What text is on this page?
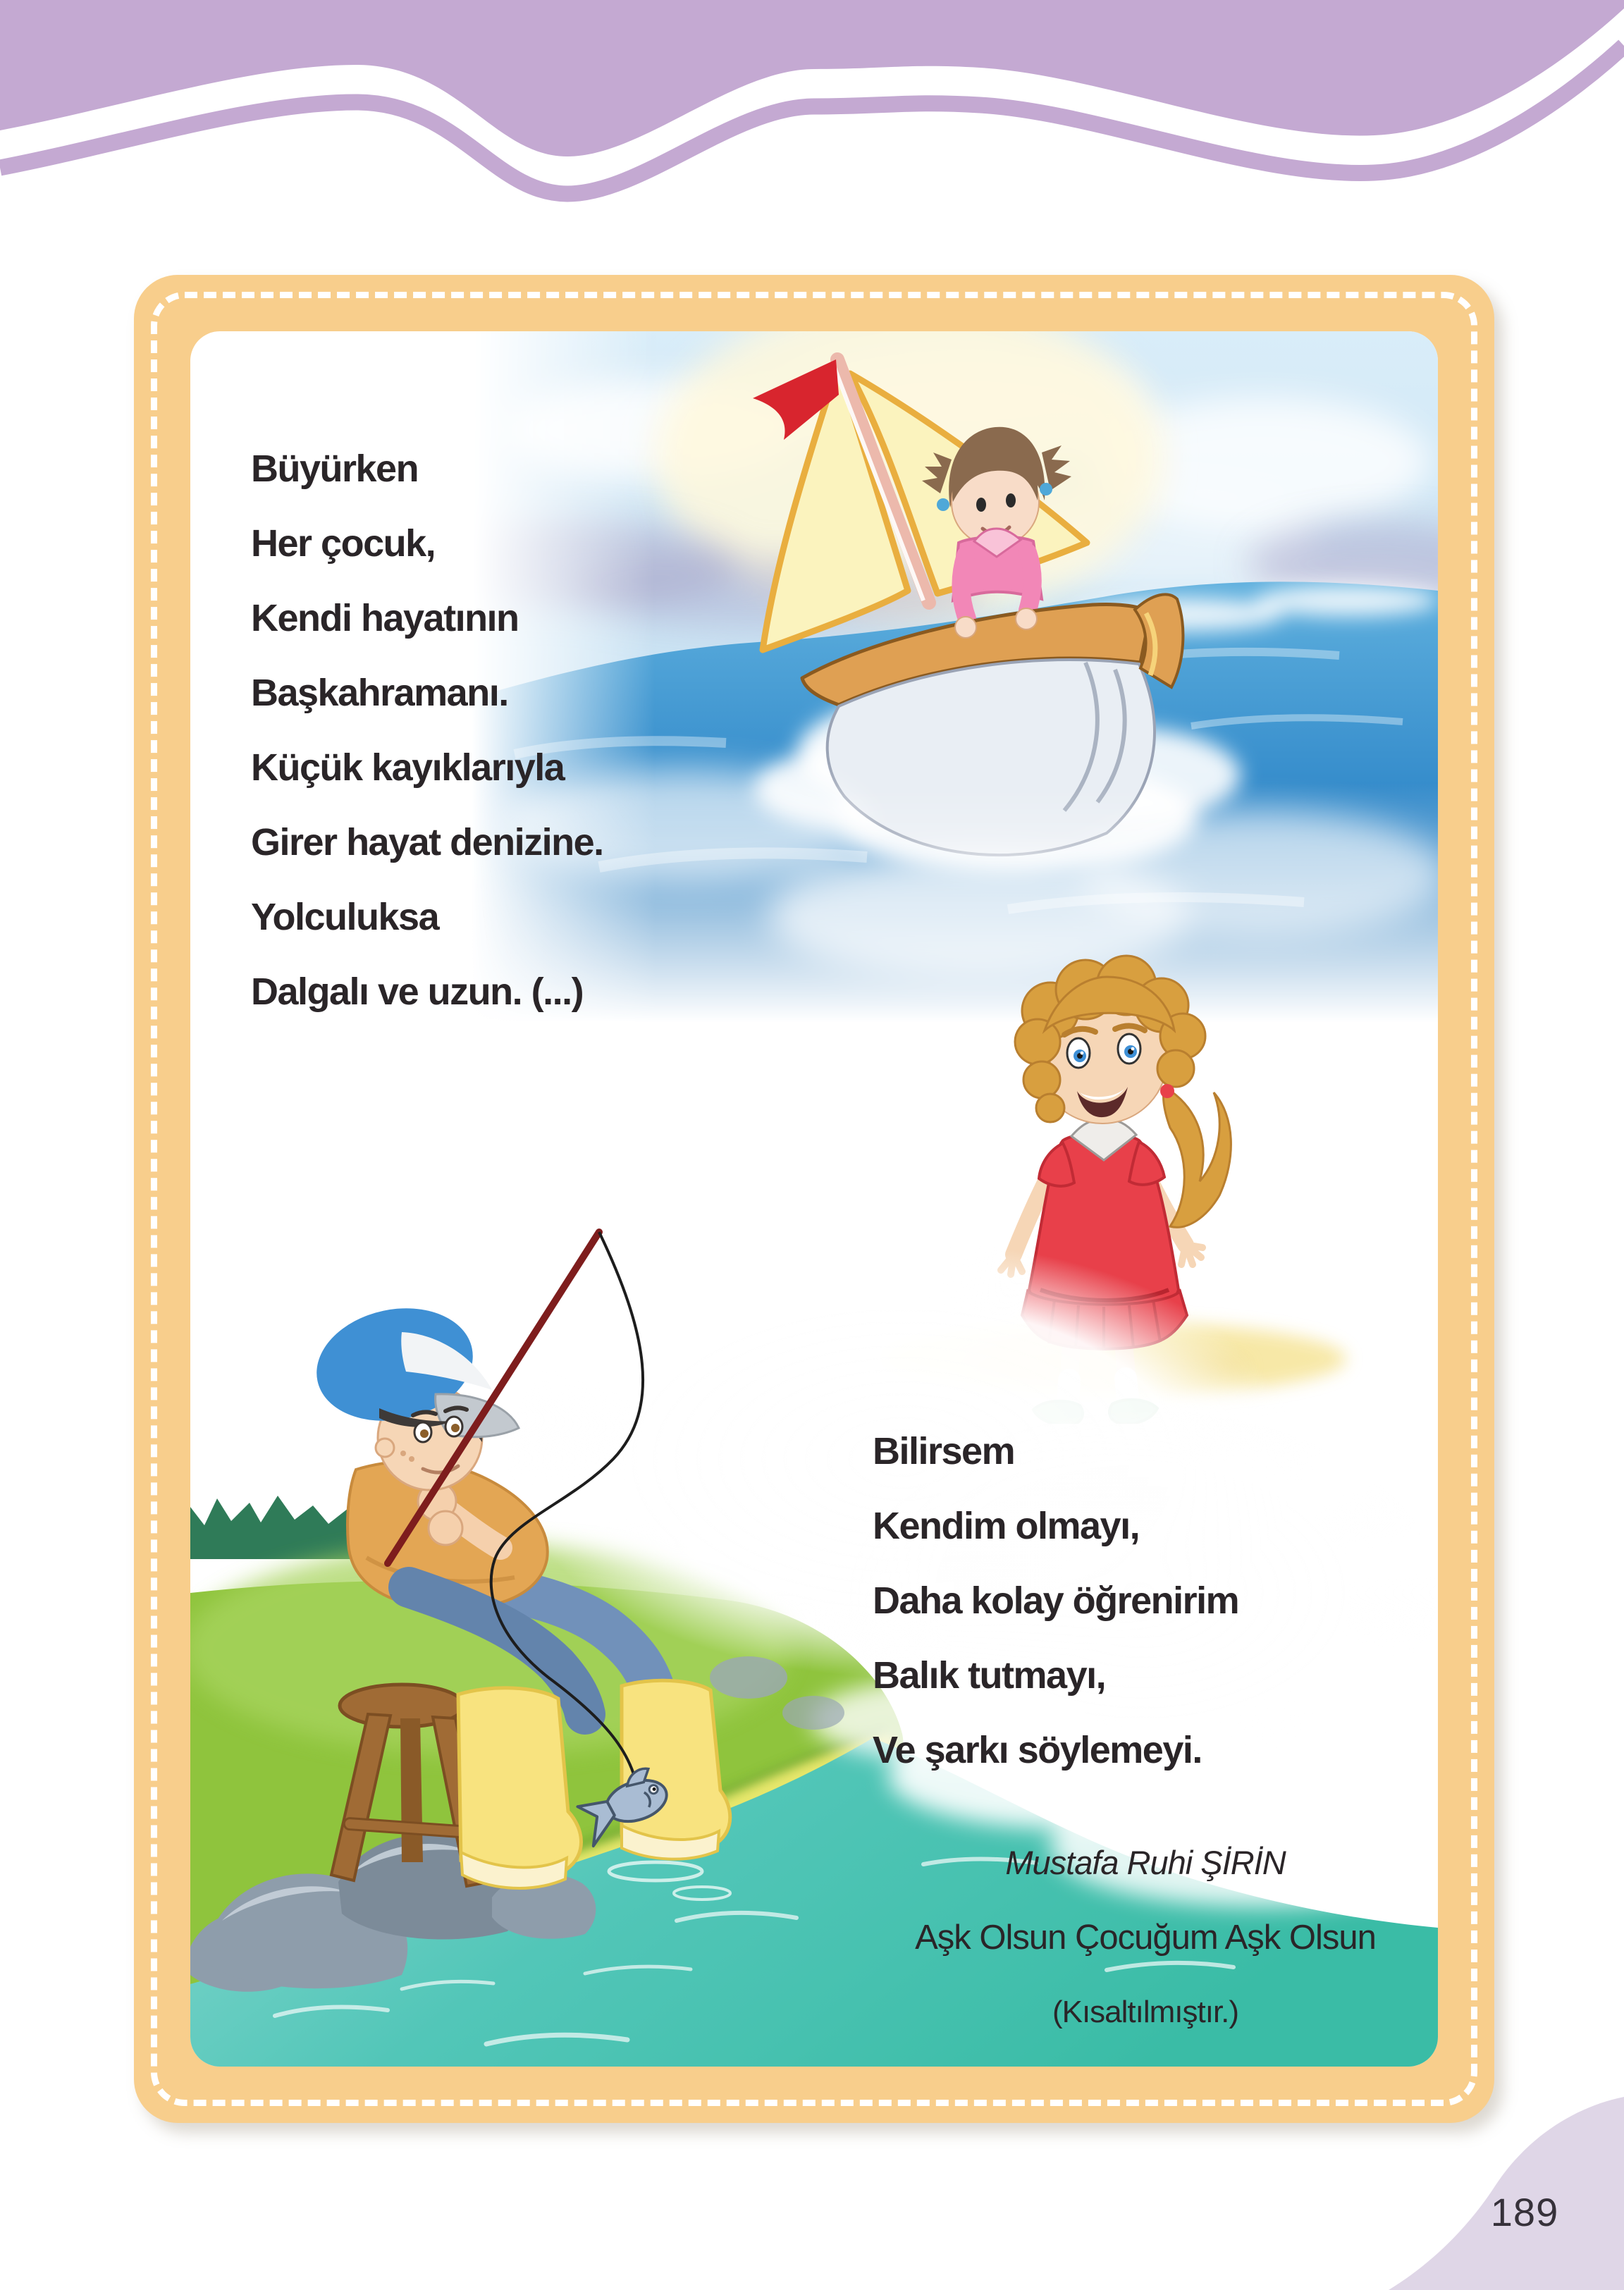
Büyürken
Her çocuk,
Kendi hayatının
Başkahramanı.
Küçük kayıklarıyla
Girer hayat denizine.
Yolculuksa
Dalgalı ve uzun. (...)
Bilirsem
Kendim olmayı,
Daha kolay öğrenirim
Balık tutmayı,
Ve şarkı söylemeyi.
Mustafa Ruhi ŞİRİN
Aşk Olsun Çocuğum Aşk Olsun
(Kısaltılmıştır.)
189
